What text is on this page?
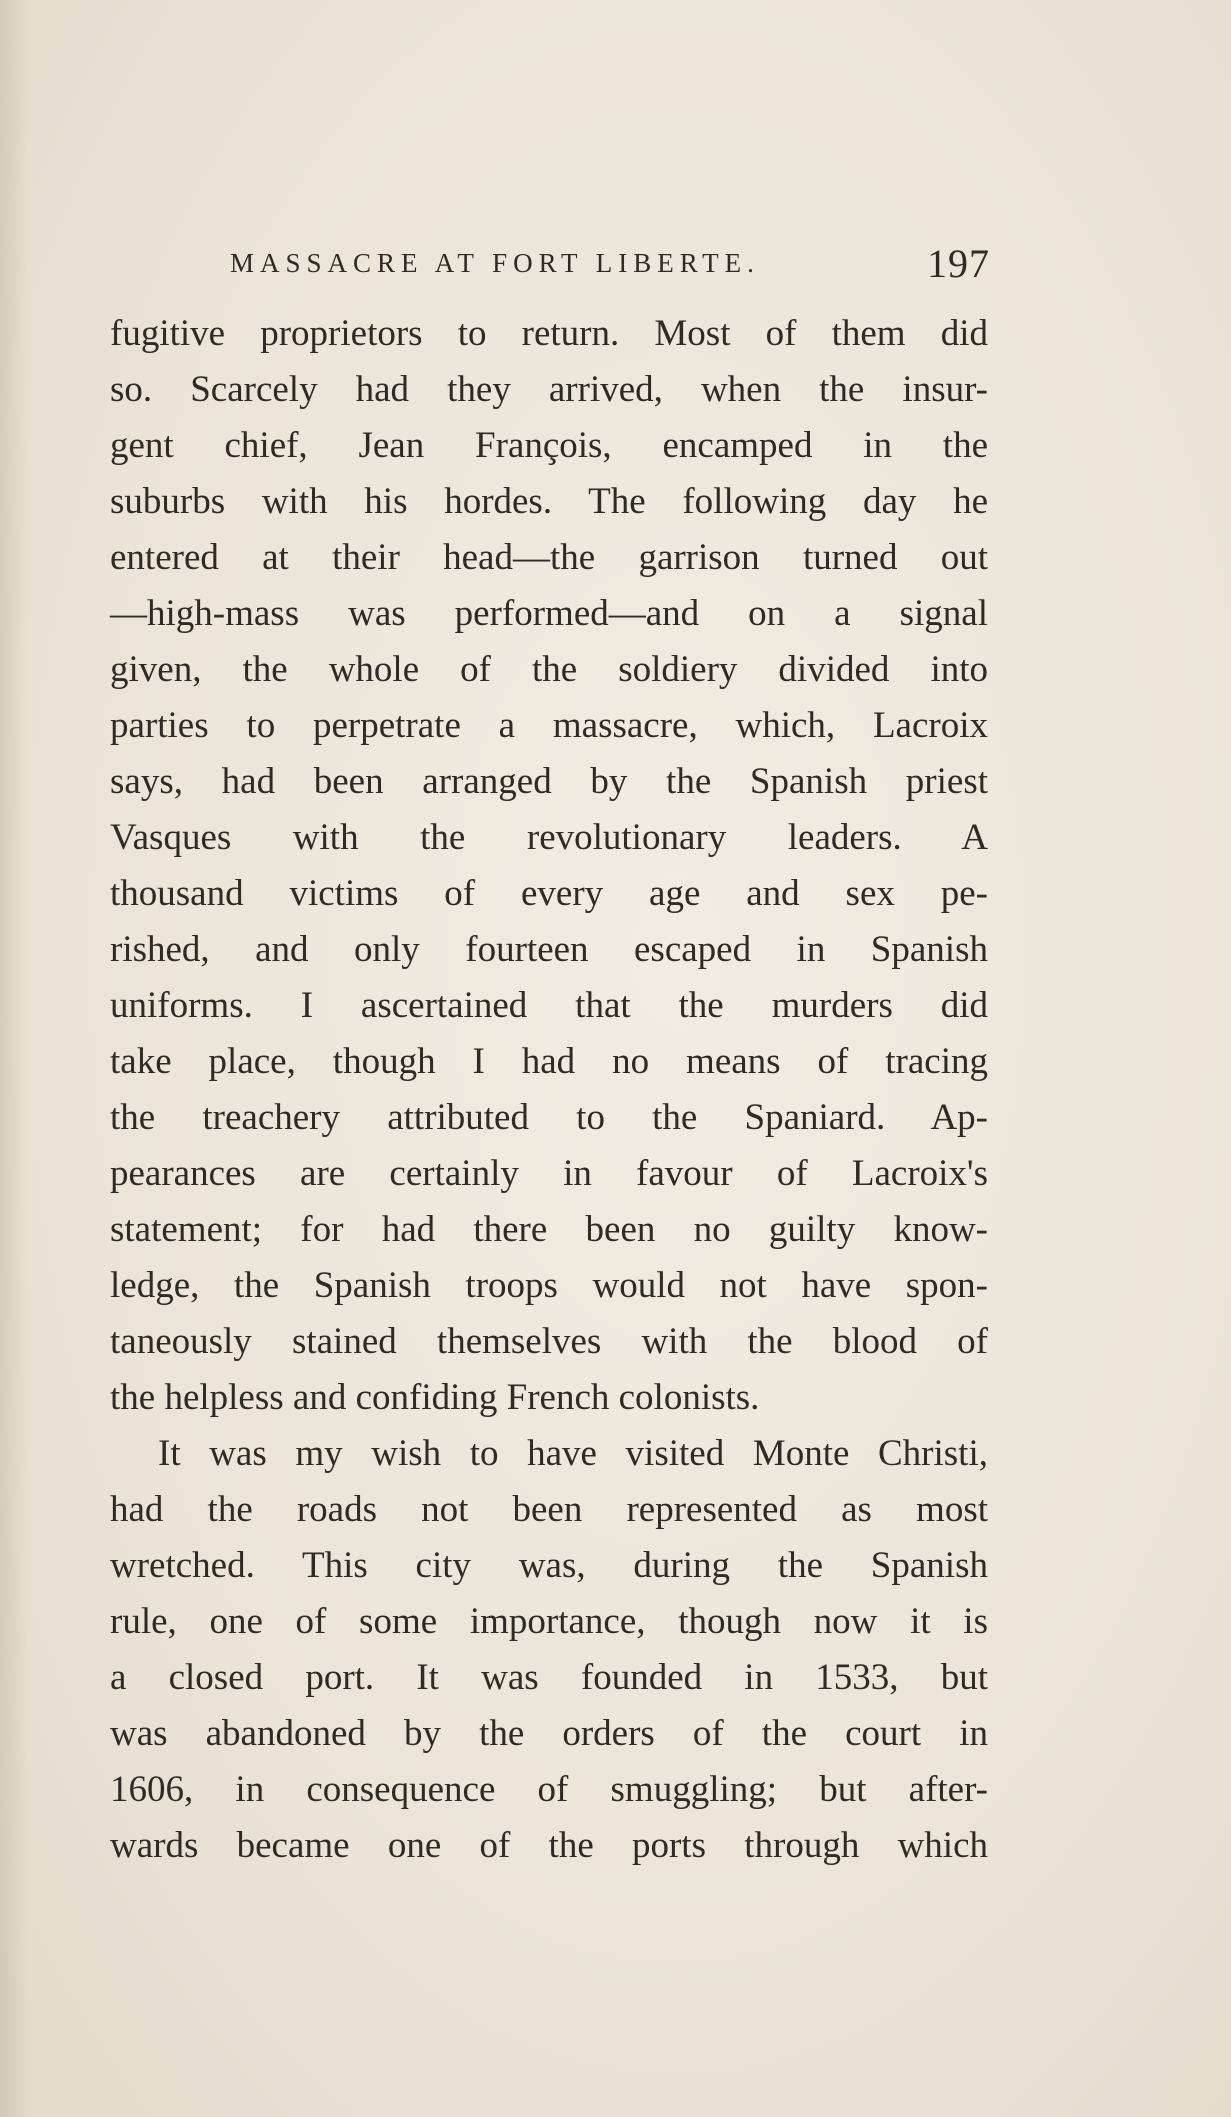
MASSACRE AT FORT LIBERTE.	197
fugitive proprietors to return. Most of them did
so. Scarcely had they arrived, when the insur-
gent chief, Jean François, encamped in the
suburbs with his hordes. The following day he
entered at their head—the garrison turned out
—high-mass was performed—and on a signal
given, the whole of the soldiery divided into
parties to perpetrate a massacre, which, Lacroix
says, had been arranged by the Spanish priest
Vasques with the revolutionary leaders. A
thousand victims of every age and sex pe-
rished, and only fourteen escaped in Spanish
uniforms. I ascertained that the murders did
take place, though I had no means of tracing
the treachery attributed to the Spaniard. Ap-
pearances are certainly in favour of Lacroix's
statement; for had there been no guilty know-
ledge, the Spanish troops would not have spon-
taneously stained themselves with the blood of
the helpless and confiding French colonists.
It was my wish to have visited Monte Christi,
had the roads not been represented as most
wretched. This city was, during the Spanish
rule, one of some importance, though now it is
a closed port. It was founded in 1533, but
was abandoned by the orders of the court in
1606, in consequence of smuggling; but after-
wards became one of the ports through which
